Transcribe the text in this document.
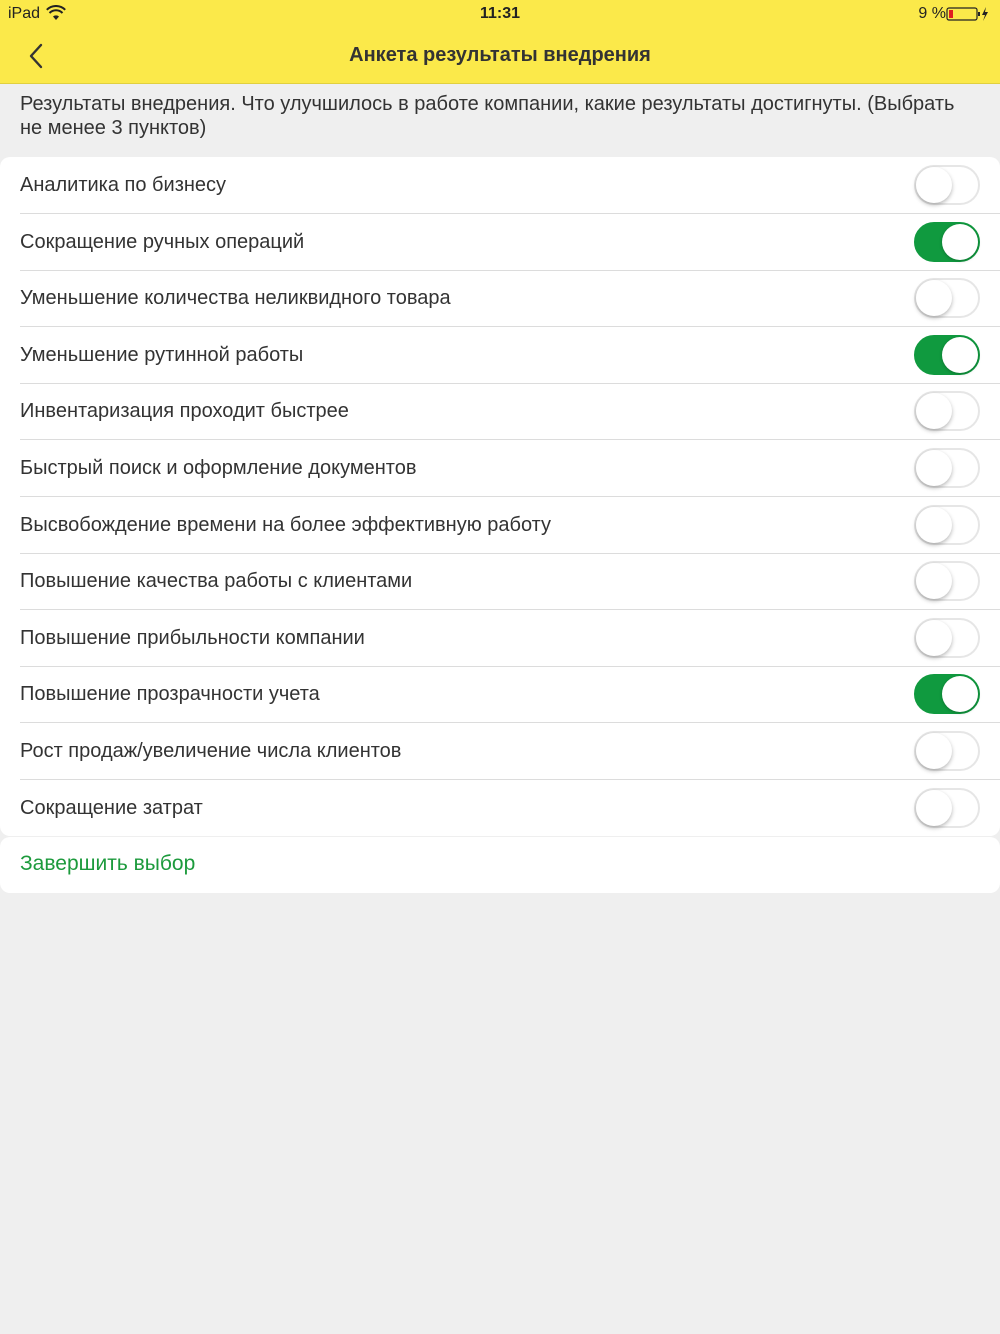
iPad	11:31	9 %
Анкета результаты внедрения
Результаты внедрения. Что улучшилось в работе компании, какие результаты достигнуты. (Выбрать не менее 3 пунктов)
Аналитика по бизнесу
Сокращение ручных операций
Уменьшение количества неликвидного товара
Уменьшение рутинной работы
Инвентаризация проходит быстрее
Быстрый поиск и оформление документов
Высвобождение времени на более эффективную работу
Повышение качества работы с клиентами
Повышение прибыльности компании
Повышение прозрачности учета
Рост продаж/увеличение числа клиентов
Сокращение затрат
Завершить выбор
